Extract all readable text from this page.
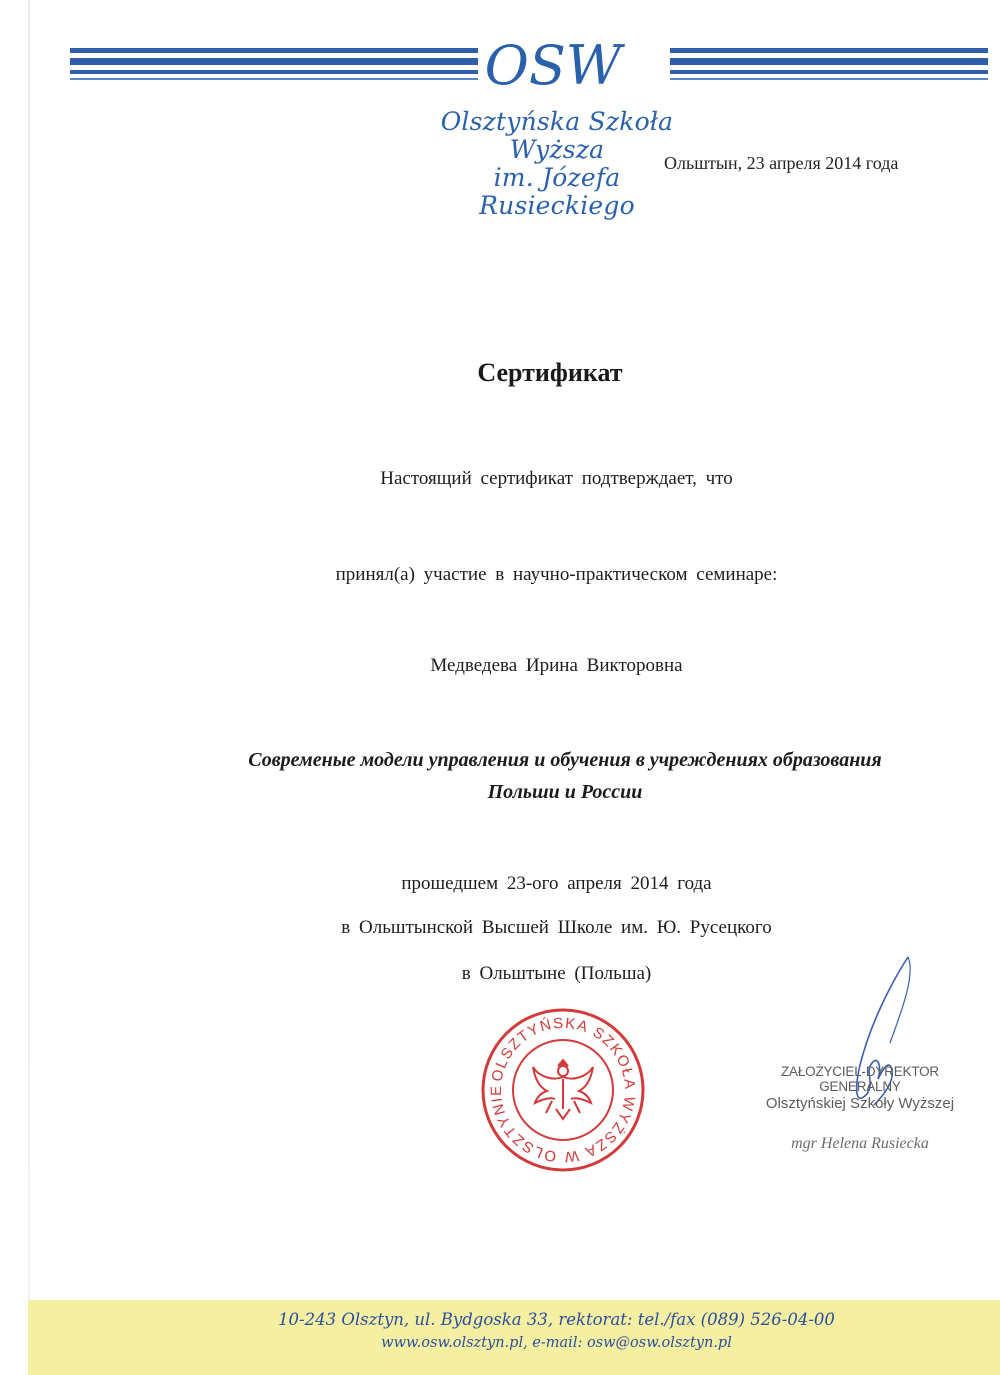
OSW
Olsztyńska Szkoła Wyższa
im. Józefa Rusieckiego
Ольштын, 23 апреля 2014 года
Сертификат
Настоящий сертификат подтверждает, что
принял(а) участие в научно-практическом семинаре:
Медведева Ирина Викторовна
Современые модели управления и обучения в учреждениях образования
Польши и России
прошедшем 23-ого апреля 2014 года
в Ольштынской Высшей Школе им. Ю. Русецкого
в Ольштыне (Польша)
OLSZTYŃSKA SZKOŁA WYŻSZA W OLSZTYNIE
ZAŁOŻYCIEL-DYREKTOR GENERALNY
Olsztyńskiej Szkoły Wyższej
mgr Helena Rusiecka
10-243 Olsztyn, ul. Bydgoska 33, rektorat: tel./fax (089) 526-04-00
www.osw.olsztyn.pl, e-mail: osw@osw.olsztyn.pl
